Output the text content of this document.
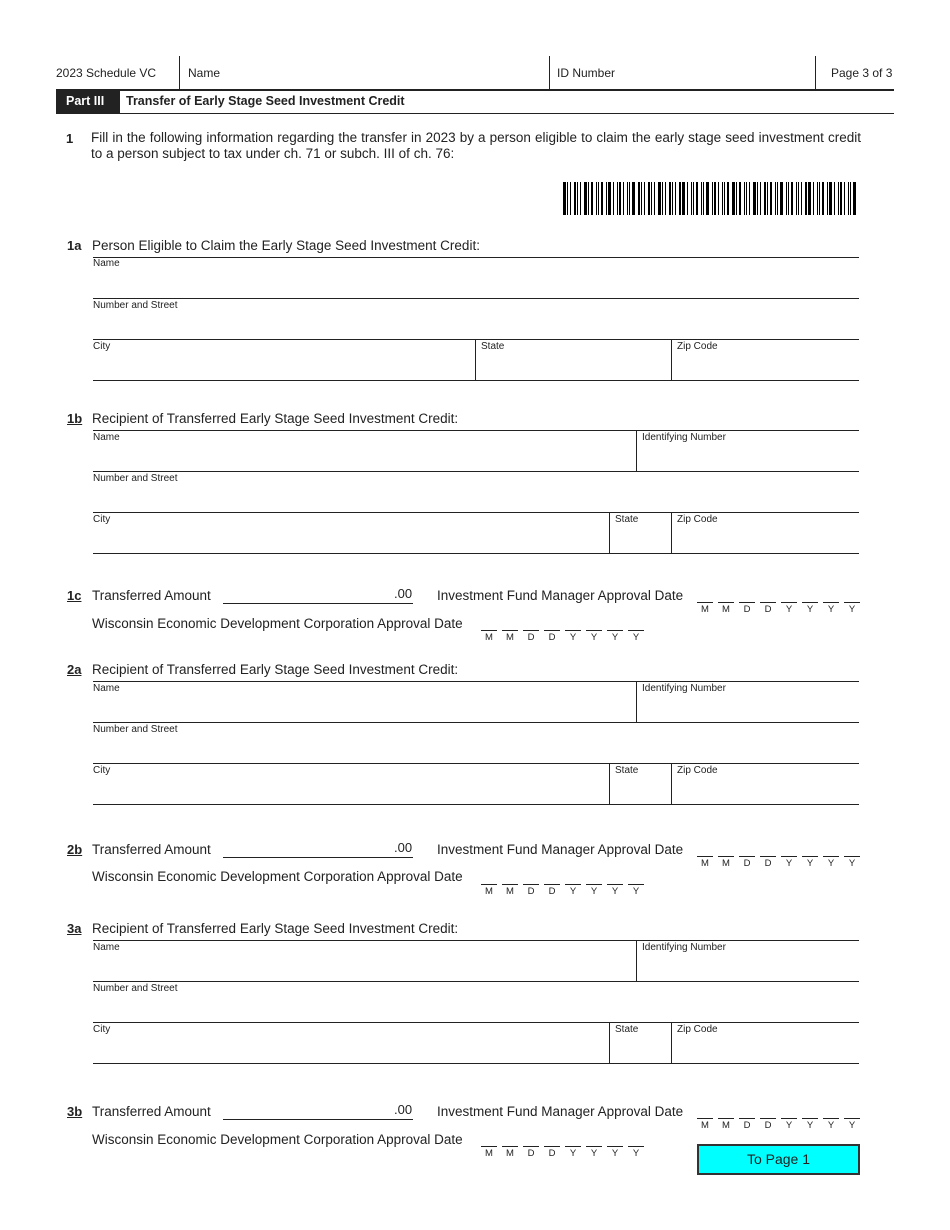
2023 Schedule VC	Name	ID Number	Page 3 of 3
Part III	Transfer of Early Stage Seed Investment Credit
1 Fill in the following information regarding the transfer in 2023 by a person eligible to claim the early stage seed investment credit to a person subject to tax under ch. 71 or subch. III of ch. 76:
1a Person Eligible to Claim the Early Stage Seed Investment Credit:
Name
Number and Street
City	State	Zip Code
1b Recipient of Transferred Early Stage Seed Investment Credit:
Name	Identifying Number
Number and Street
City	State	Zip Code
1c Transferred Amount	.00 Investment Fund Manager Approval Date
M	M	D	D	Y	Y	Y	Y
Wisconsin Economic Development Corporation Approval Date
M	M	D	D	Y	Y	Y	Y
2a Recipient of Transferred Early Stage Seed Investment Credit:
Name	Identifying Number
Number and Street
City	State	Zip Code
2b Transferred Amount	.00 Investment Fund Manager Approval Date
M	M	D	D	Y	Y	Y	Y
Wisconsin Economic Development Corporation Approval Date
M	M	D	D	Y	Y	Y	Y
3a Recipient of Transferred Early Stage Seed Investment Credit:
Name	Identifying Number
Number and Street
City	State	Zip Code
3b Transferred Amount	.00 Investment Fund Manager Approval Date
M	M	D	D	Y	Y	Y	Y
Wisconsin Economic Development Corporation Approval Date
M	M	D	D	Y	Y	Y	Y	To Page 1
